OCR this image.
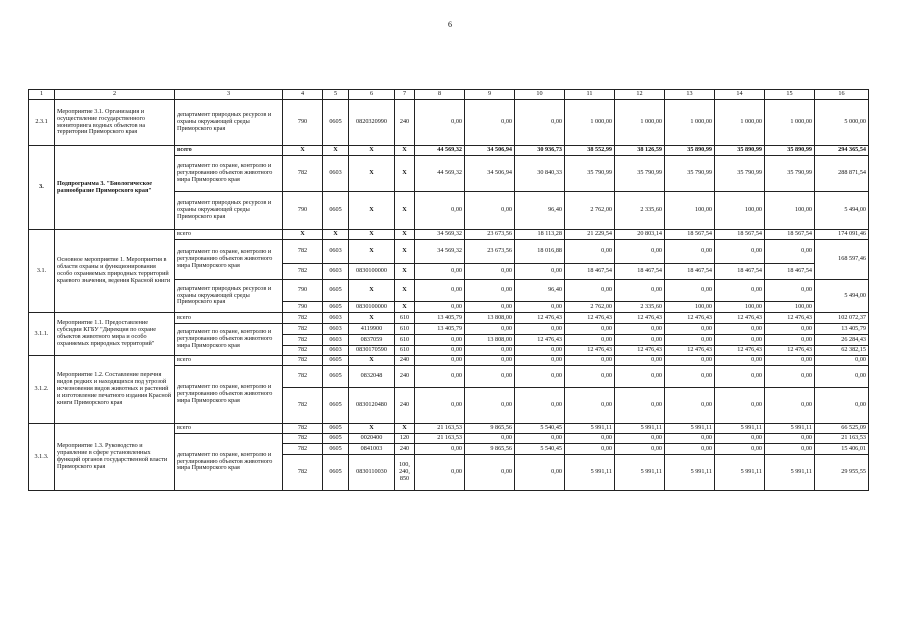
6
1	2	3	4	5	6	7	8	9	10	11	12	13	14	15	16
2.3.1	Мероприятие 3.1. Организация и осуществление государственного мониторинга водных объектов на территории Приморского края	департамент природных ресурсов и охраны окружающей среды Приморского края	790	0605	0820320990	240	0,00	0,00	0,00	1 000,00	1 000,00	1 000,00	1 000,00	1 000,00	5 000,00
3.	Подпрограмма 3. "Биологическое разнообразие Приморского края"	всего	X	X	X	X	44 569,32	34 506,94	30 936,73	38 552,99	38 126,59	35 890,99	35 890,99	35 890,99	294 365,54
		департамент по охране, контролю и регулированию объектов животного мира Приморского края	782	0603	X	X	44 569,32	34 506,94	30 840,33	35 790,99	35 790,99	35 790,99	35 790,99	35 790,99	288 871,54
		департамент природных ресурсов и охраны окружающей среды Приморского края	790	0605	X	X	0,00	0,00	96,40	2 762,00	2 335,60	100,00	100,00	100,00	5 494,00
3.1.	Основное мероприятие 1. Мероприятия в области охраны и функционирования особо охраняемых природных территорий краевого значения, ведения Красной книги	всего	X	X	X	X	34 569,32	23 673,56	18 113,28	21 229,54	20 803,14	18 567,54	18 567,54	18 567,54	174 091,46
		департамент по охране, контролю и регулированию объектов животного мира Приморского края	782	0603	X	X	34 569,32	23 673,56	18 016,88	0,00	0,00	0,00	0,00	0,00	168 597,46
			782	0603	0830100000	X	0,00	0,00	0,00	18 467,54	18 467,54	18 467,54	18 467,54	18 467,54	
		департамент природных ресурсов и охраны окружающей среды Приморского края	790	0605	X	X	0,00	0,00	96,40	0,00	0,00	0,00	0,00	0,00	5 494,00
			790	0605	0830100000	X	0,00	0,00	0,00	2 762,00	2 335,60	100,00	100,00	100,00	
3.1.1.	Мероприятие 1.1. Предоставление субсидии КГБУ "Дирекция по охране объектов животного мира и особо охраняемых природных территорий"	всего	782	0603	X	610	13 405,79	13 808,00	12 476,43	12 476,43	12 476,43	12 476,43	12 476,43	12 476,43	102 072,37
		департамент по охране, контролю и регулированию объектов животного мира Приморского края	782	0603	4119900	610	13 405,79	0,00	0,00	0,00	0,00	0,00	0,00	0,00	13 405,79
			782	0603	0837059	610	0,00	13 808,00	12 476,43	0,00	0,00	0,00	0,00	0,00	26 284,43
			782	0603	0830170590	610	0,00	0,00	0,00	12 476,43	12 476,43	12 476,43	12 476,43	12 476,43	62 382,15
3.1.2.	Мероприятие 1.2. Составление перечня видов редких и находящихся под угрозой исчезновения видов животных и растений и изготовление печатного издания Красной книги Приморского края	всего	782	0605	X	240	0,00	0,00	0,00	0,00	0,00	0,00	0,00	0,00	0,00
		департамент по охране, контролю и регулированию объектов животного мира Приморского края	782	0605	0832048	240	0,00	0,00	0,00	0,00	0,00	0,00	0,00	0,00	0,00
			782	0605	0830120480	240	0,00	0,00	0,00	0,00	0,00	0,00	0,00	0,00	0,00
3.1.3.	Мероприятие 1.3. Руководство и управление в сфере установленных функций органов государственной власти Приморского края	всего	782	0605	X	X	21 163,53	9 865,56	5 540,45	5 991,11	5 991,11	5 991,11	5 991,11	5 991,11	66 525,09
		департамент по охране, контролю и регулированию объектов животного мира Приморского края	782	0605	0020400	120	21 163,53	0,00	0,00	0,00	0,00	0,00	0,00	0,00	21 163,53
			782	0605	0841003	240	0,00	9 865,56	5 540,45	0,00	0,00	0,00	0,00	0,00	15 406,01
			782	0605	0830110030	100, 240, 850	0,00	0,00	0,00	5 991,11	5 991,11	5 991,11	5 991,11	5 991,11	29 955,55
